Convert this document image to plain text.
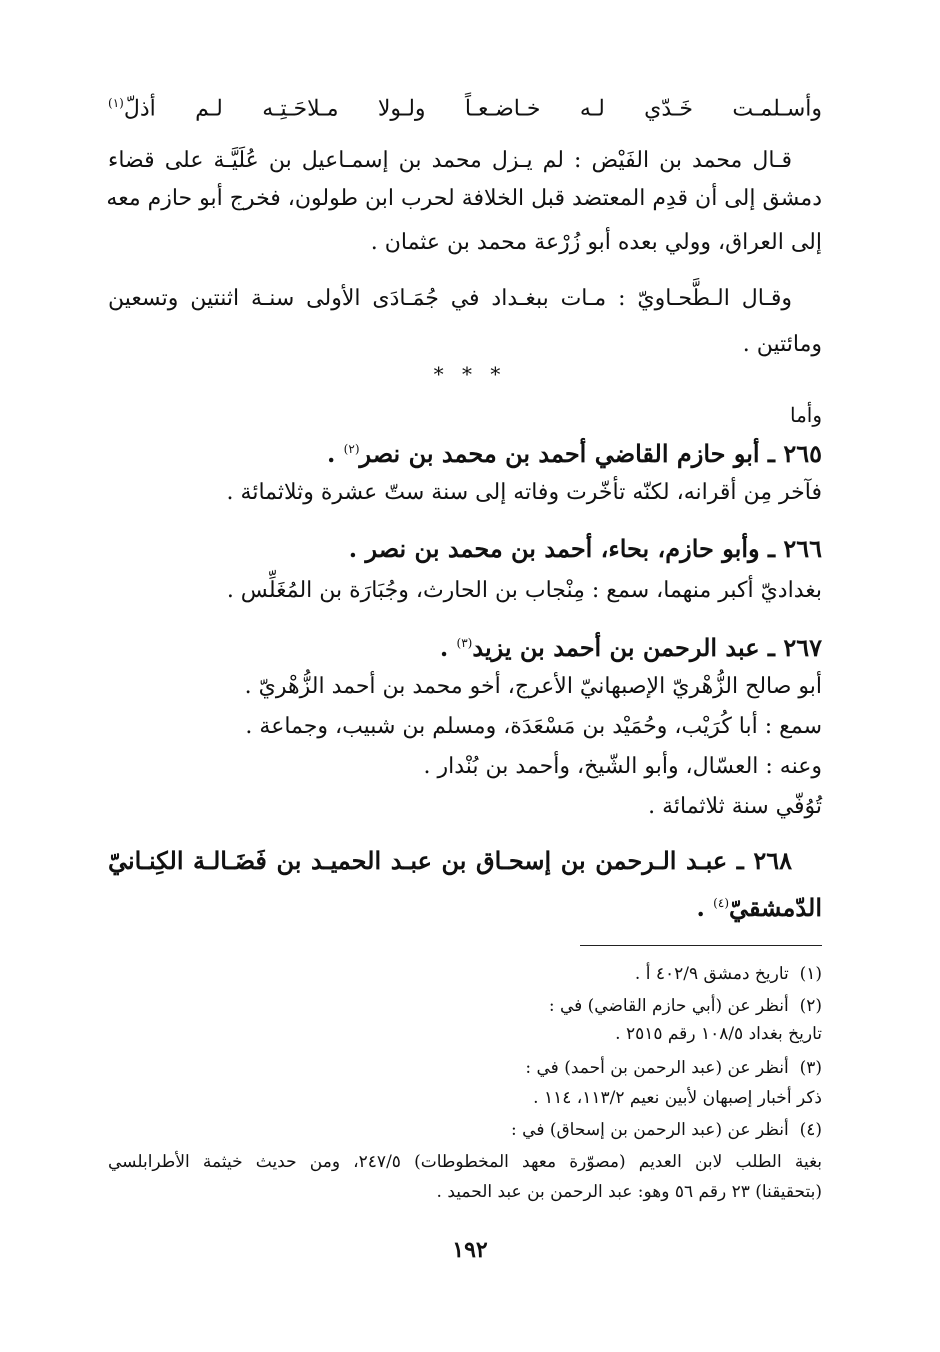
وأسـلمـت خَـدّي لـه خـاضـعـاً ولـولا مـلاحَـتِـه لـم أذلّ$^{(١)}$

قـال محمد بن الفَيْض : لم يـزل محمد بن إسمـاعيل بن عُلَيَّـة على قضاء

دمشق إلى أن قدِم المعتضد قبل الخلافة لحرب ابن طولون، فخرج أبو حازم معه

إلى العراق، وولي بعده أبو زُرْعة محمد بن عثمان .

وقـال الـطَّحـاويّ : مـات ببغـداد في جُمَـادَى الأولى سنـة اثنتين وتسعين

ومائتين .

* * *

وأما

٢٦٥ ـ أبو حازم القاضي أحمد بن محمد بن نصر$^{(٢)}$ .

فآخر مِن أقرانه، لكنّه تأخّرت وفاته إلى سنة ستّ عشرة وثلاثمائة .

٢٦٦ ـ وأبو حازم، بحاء، أحمد بن محمد بن نصر .

بغداديّ أكبر منهما، سمع : مِنْجاب بن الحارث، وجُبَارَة بن المُغَلِّس .

٢٦٧ ـ عبد الرحمن بن أحمد بن يزيد$^{(٣)}$ .

أبو صالح الزُّهْريّ الإصبهانيّ الأعرج، أخو محمد بن أحمد الزُّهْريّ .

سمع : أبا كُرَيْب، وحُمَيْد بن مَسْعَدَة، ومسلم بن شبيب، وجماعة .

وعنه : العسّال، وأبو الشّيخ، وأحمد بن بُنْدار .

تُوُفّي سنة ثلاثمائة .

٢٦٨ ـ عبـد الـرحمن بن إسحـاق بن عبـد الحميـد بن فَضَـالـة الكِنـانيّ

الدّمشقيّ$^{(٤)}$ .

(١)  تاريخ دمشق ٤٠٢/٩ أ .

(٢)  أنظر عن (أبي حازم القاضي) في :

تاريخ بغداد ١٠٨/٥ رقم ٢٥١٥ .

(٣)  أنظر عن (عبد الرحمن بن أحمد) في :

ذكر أخبار إصبهان لأبين نعيم ١١٣/٢، ١١٤ .

(٤)  أنظر عن (عبد الرحمن بن إسحاق) في :

بغية الطلب لابن العديم (مصوّرة معهد المخطوطات) ٢٤٧/٥، ومن حديث خيثمة الأطرابلسي

(بتحقيقنا) ٢٣ رقم ٥٦ وهو: عبد الرحمن بن عبد الحميد .

١٩٢
